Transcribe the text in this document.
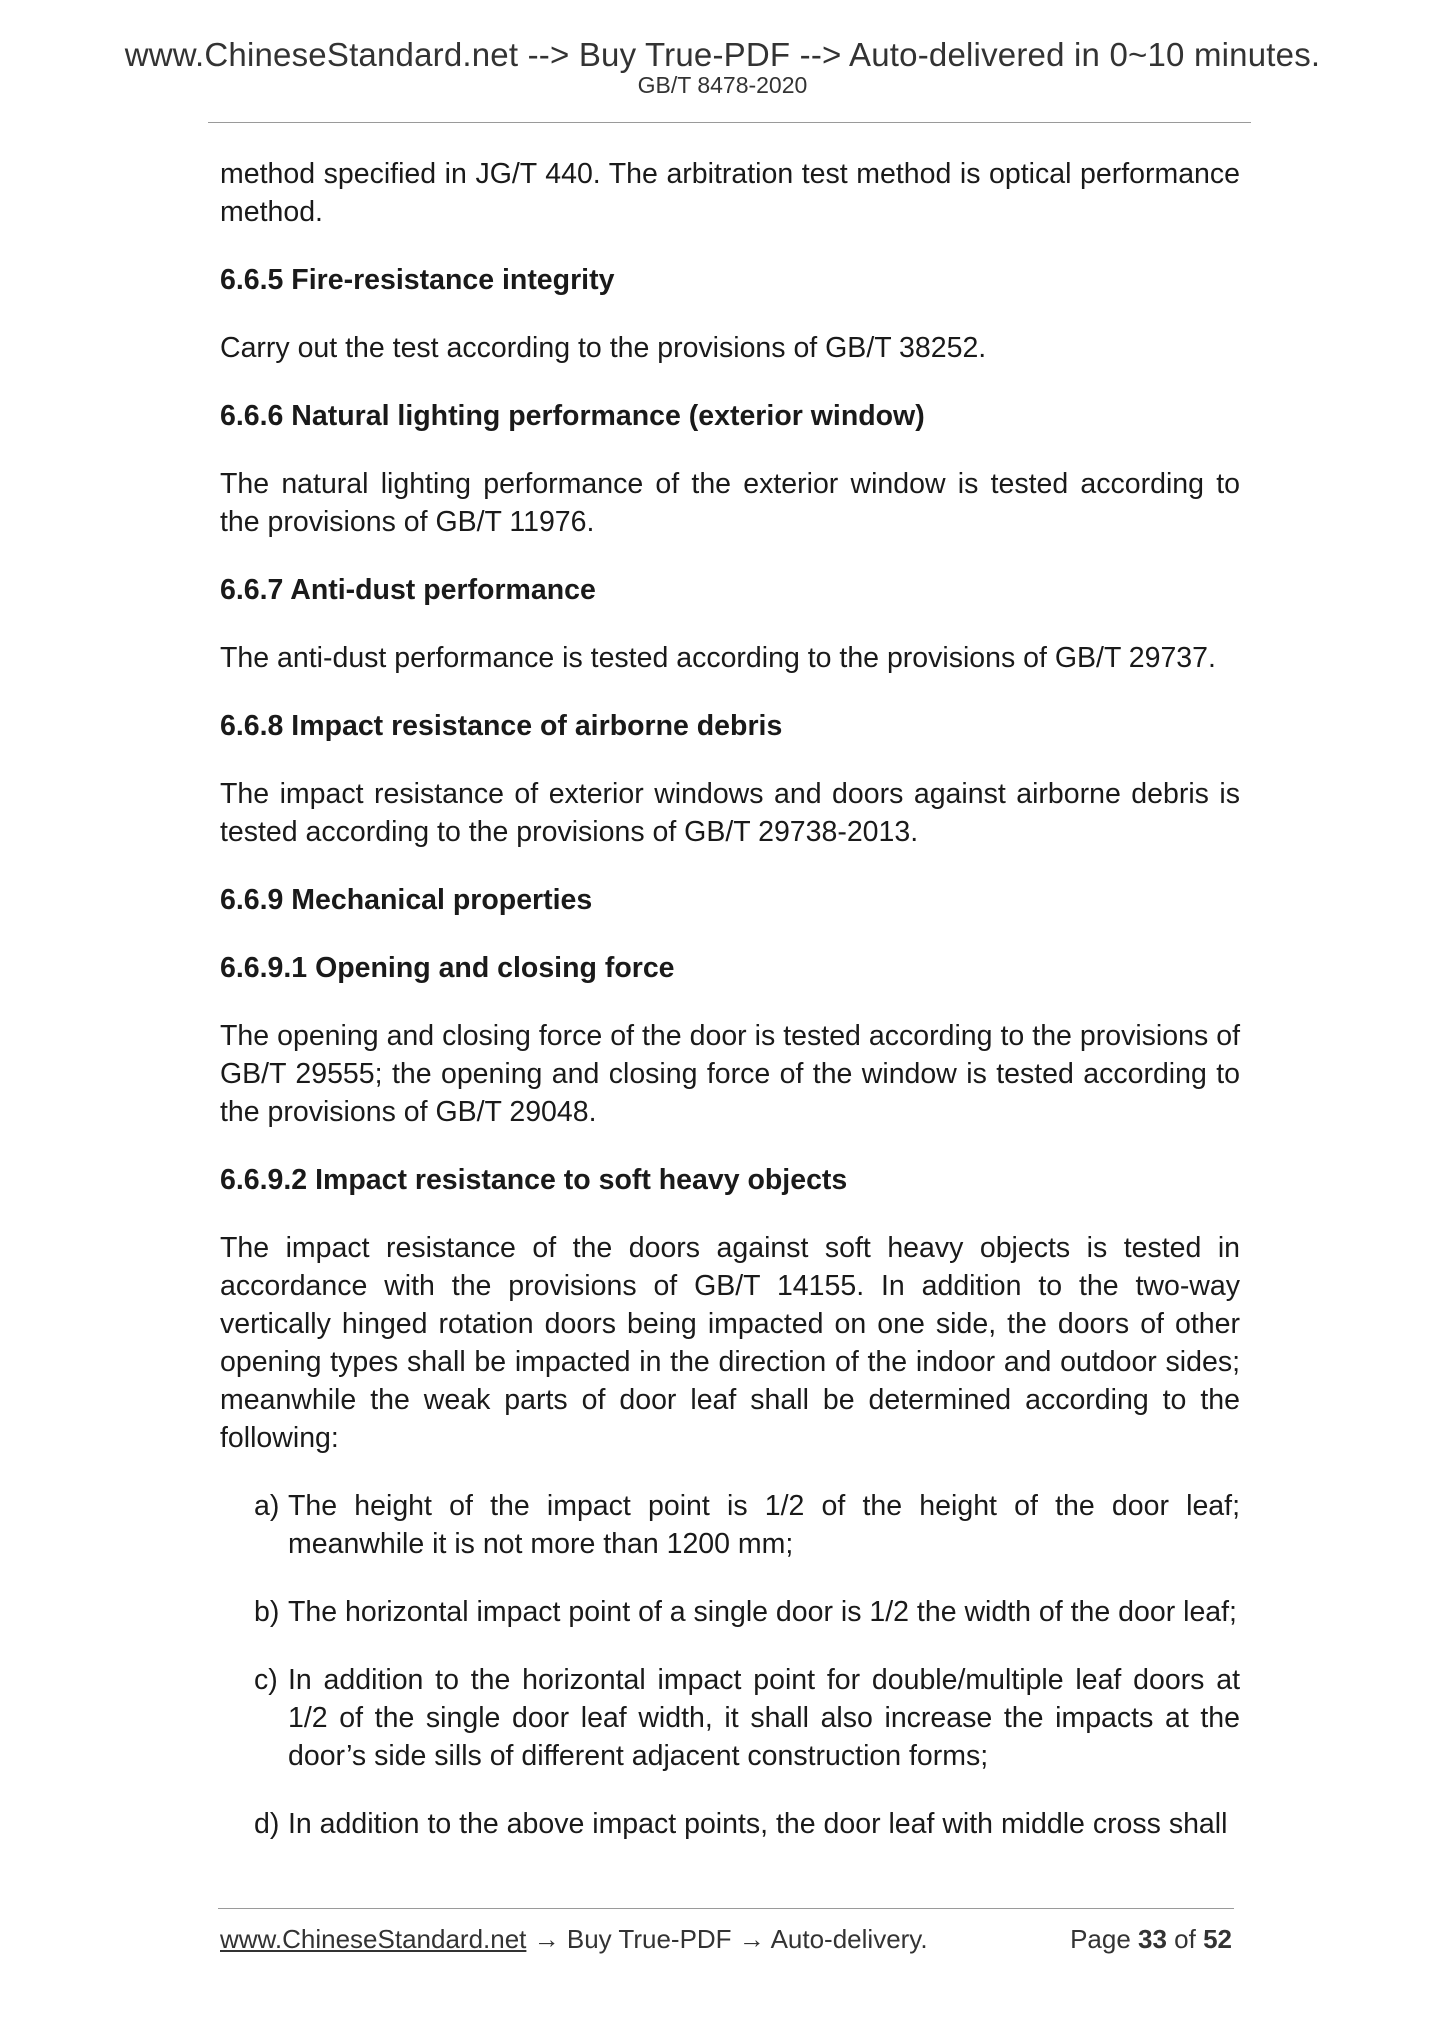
www.ChineseStandard.net --> Buy True-PDF --> Auto-delivered in 0~10 minutes.
GB/T 8478-2020

method specified in JG/T 440. The arbitration test method is optical performance method.

6.6.5 Fire-resistance integrity

Carry out the test according to the provisions of GB/T 38252.

6.6.6 Natural lighting performance (exterior window)

The natural lighting performance of the exterior window is tested according to the provisions of GB/T 11976.

6.6.7 Anti-dust performance

The anti-dust performance is tested according to the provisions of GB/T 29737.

6.6.8 Impact resistance of airborne debris

The impact resistance of exterior windows and doors against airborne debris is tested according to the provisions of GB/T 29738-2013.

6.6.9 Mechanical properties
6.6.9.1 Opening and closing force

The opening and closing force of the door is tested according to the provisions of GB/T 29555; the opening and closing force of the window is tested according to the provisions of GB/T 29048.

6.6.9.2 Impact resistance to soft heavy objects

The impact resistance of the doors against soft heavy objects is tested in accordance with the provisions of GB/T 14155. In addition to the two-way vertically hinged rotation doors being impacted on one side, the doors of other opening types shall be impacted in the direction of the indoor and outdoor sides; meanwhile the weak parts of door leaf shall be determined according to the following:

a) The height of the impact point is 1/2 of the height of the door leaf; meanwhile it is not more than 1200 mm;
b) The horizontal impact point of a single door is 1/2 the width of the door leaf;
c) In addition to the horizontal impact point for double/multiple leaf doors at 1/2 of the single door leaf width, it shall also increase the impacts at the door’s side sills of different adjacent construction forms;
d) In addition to the above impact points, the door leaf with middle cross shall
www.ChineseStandard.net → Buy True-PDF → Auto-delivery.	Page 33 of 52
